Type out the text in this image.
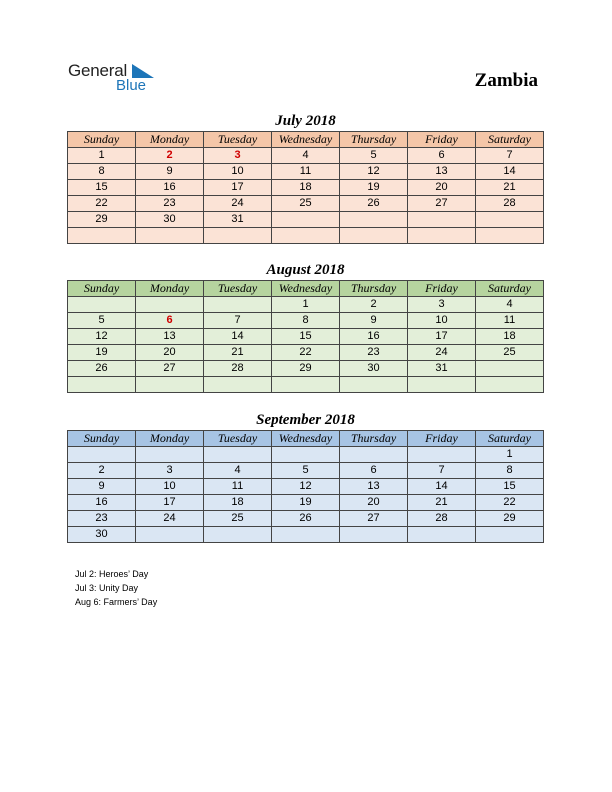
General
Blue	Zambia
July 2018
Sunday	Monday	Tuesday	Wednesday	Thursday	Friday	Saturday
1	2	3	4	5	6	7
8	9	10	11	12	13	14
15	16	17	18	19	20	21
22	23	24	25	26	27	28
29	30	31				

August 2018
Sunday	Monday	Tuesday	Wednesday	Thursday	Friday	Saturday
			1	2	3	4
5	6	7	8	9	10	11
12	13	14	15	16	17	18
19	20	21	22	23	24	25
26	27	28	29	30	31	

September 2018
Sunday	Monday	Tuesday	Wednesday	Thursday	Friday	Saturday
						1
2	3	4	5	6	7	8
9	10	11	12	13	14	15
16	17	18	19	20	21	22
23	24	25	26	27	28	29
30						
Jul 2: Heroes’ Day
Jul 3: Unity Day
Aug 6: Farmers’ Day
